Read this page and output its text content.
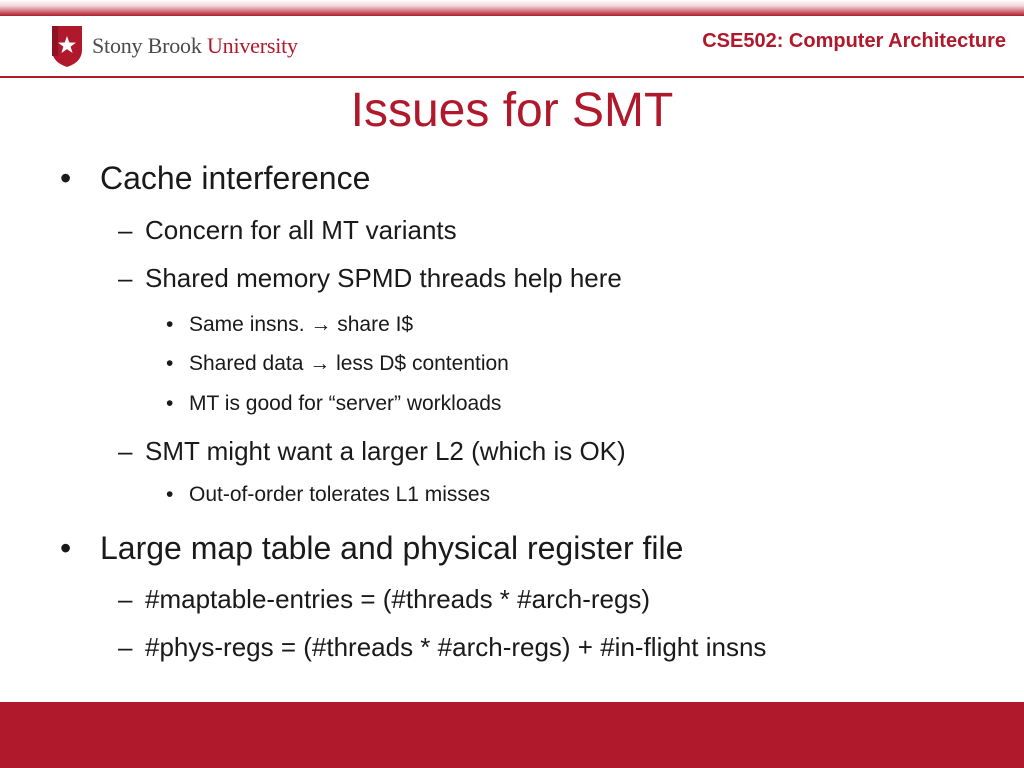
Stony Brook University	CSE502: Computer Architecture
Issues for SMT
• Cache interference
– Concern for all MT variants
– Shared memory SPMD threads help here
• Same insns. → share I$
• Shared data → less D$ contention
• MT is good for “server” workloads
– SMT might want a larger L2 (which is OK)
• Out-of-order tolerates L1 misses
• Large map table and physical register file
– #maptable-entries = (#threads * #arch-regs)
– #phys-regs = (#threads * #arch-regs) + #in-flight insns
